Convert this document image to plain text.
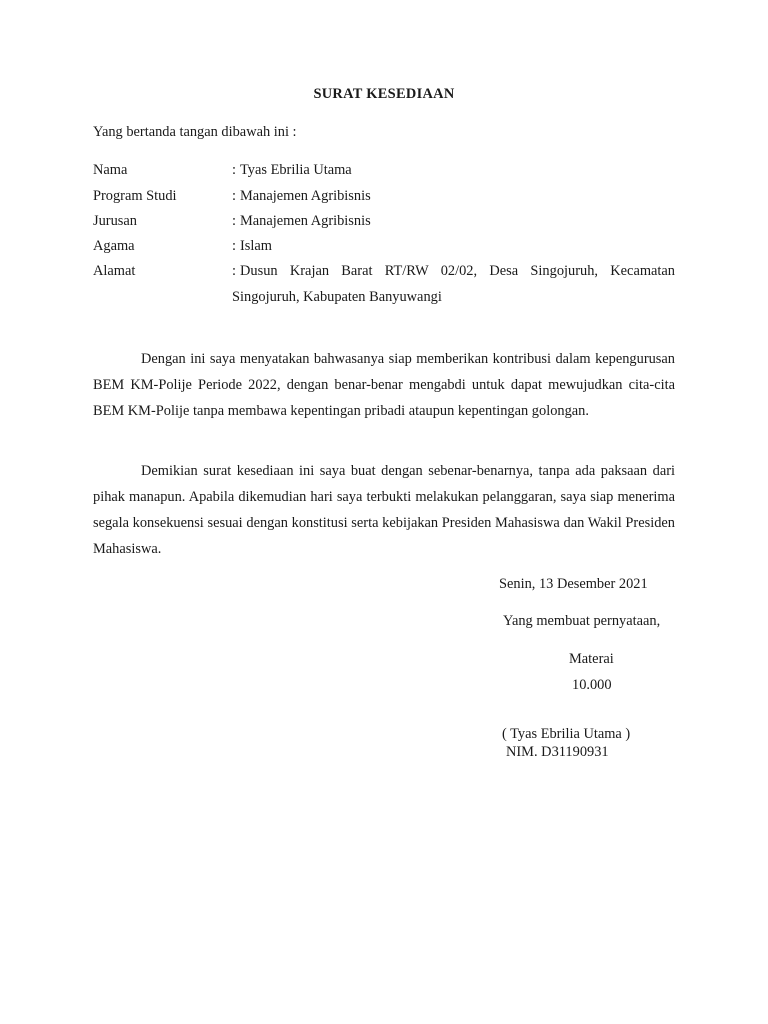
SURAT KESEDIAAN
Yang bertanda tangan dibawah ini :
Nama	: Tyas Ebrilia Utama
Program Studi	: Manajemen Agribisnis
Jurusan	: Manajemen Agribisnis
Agama	: Islam
Alamat	: Dusun Krajan Barat RT/RW 02/02, Desa Singojuruh, Kecamatan Singojuruh, Kabupaten Banyuwangi
Dengan ini saya menyatakan bahwasanya siap memberikan kontribusi dalam kepengurusan BEM KM-Polije Periode 2022, dengan benar-benar mengabdi untuk dapat mewujudkan cita-cita BEM KM-Polije tanpa membawa kepentingan pribadi ataupun kepentingan golongan.
Demikian surat kesediaan ini saya buat dengan sebenar-benarnya, tanpa ada paksaan dari pihak manapun. Apabila dikemudian hari saya terbukti melakukan pelanggaran, saya siap menerima segala konsekuensi sesuai dengan konstitusi serta kebijakan Presiden Mahasiswa dan Wakil Presiden Mahasiswa.
Senin, 13 Desember 2021
Yang membuat pernyataan,
Materai
10.000
( Tyas Ebrilia Utama )
NIM. D31190931
